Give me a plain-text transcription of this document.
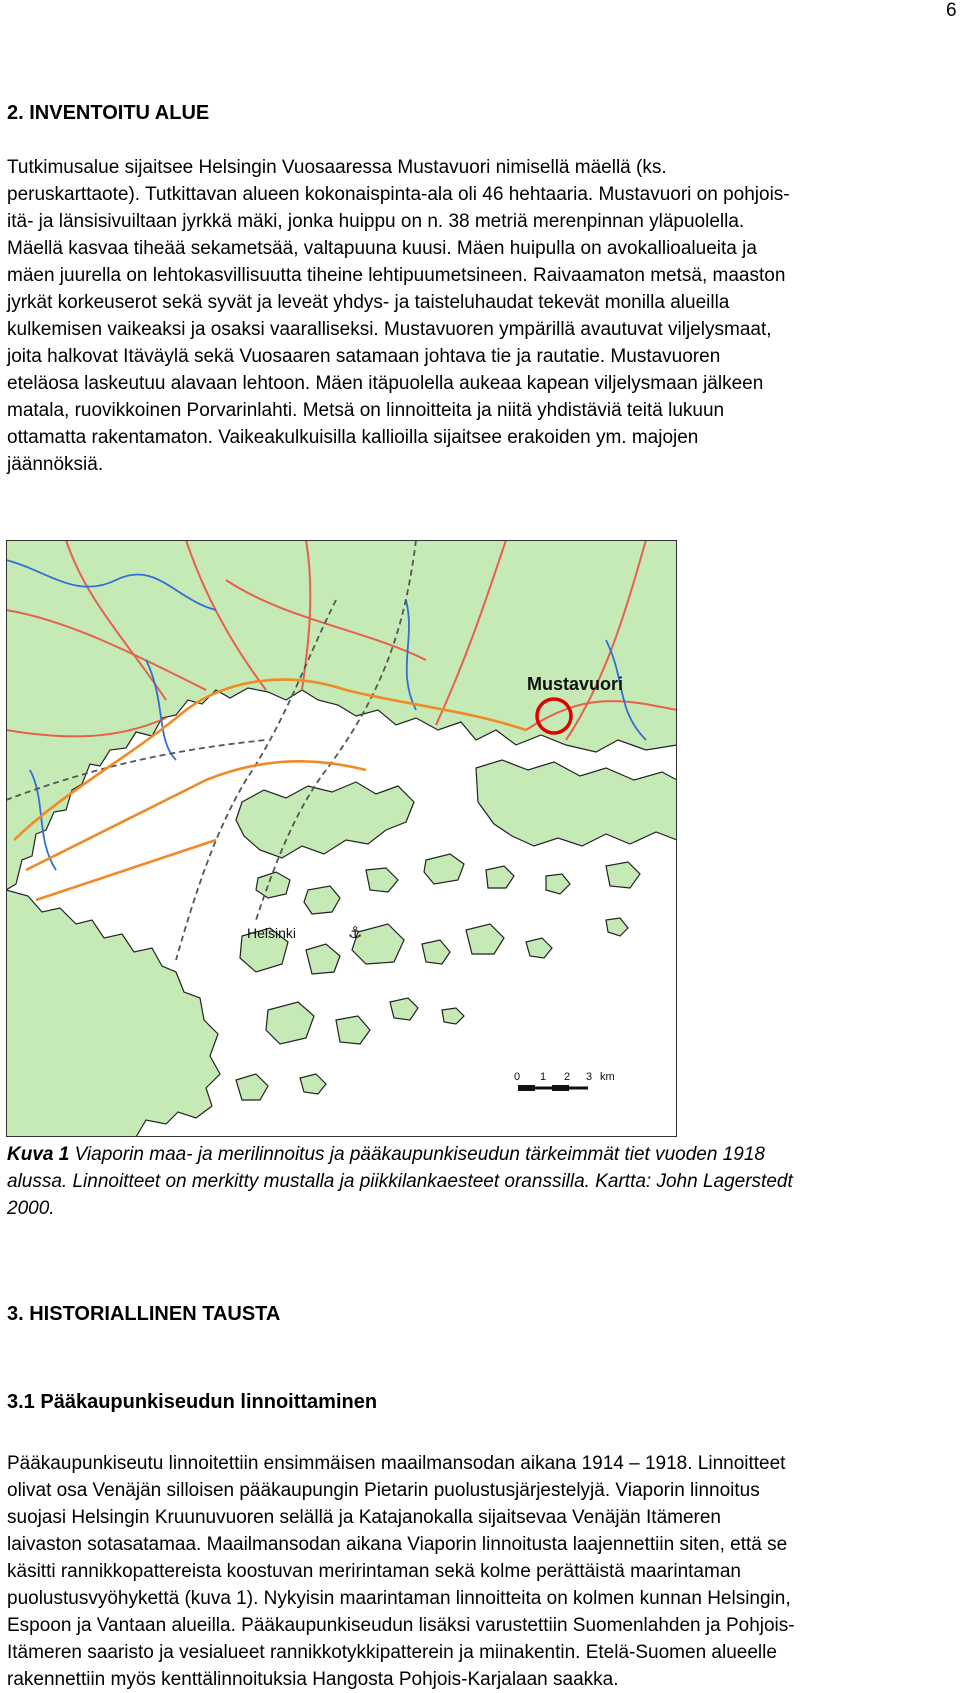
6
2. INVENTOITU ALUE
Tutkimusalue sijaitsee Helsingin Vuosaaressa Mustavuori nimisellä mäellä (ks.
peruskarttaote). Tutkittavan alueen kokonaispinta-ala oli 46 hehtaaria. Mustavuori on pohjois-
itä- ja länsisivuiltaan jyrkkä mäki, jonka huippu on n. 38 metriä merenpinnan yläpuolella.
Mäellä kasvaa tiheää sekametsää, valtapuuna kuusi. Mäen huipulla on avokallioalueita ja
mäen juurella on lehtokasvillisuutta tiheine lehtipuumetsineen. Raivaamaton metsä, maaston
jyrkät korkeuserot sekä syvät ja leveät yhdys- ja taisteluhaudat tekevät monilla alueilla
kulkemisen vaikeaksi ja osaksi vaaralliseksi. Mustavuoren ympärillä avautuvat viljelysmaat,
joita halkovat Itäväylä sekä Vuosaaren satamaan johtava tie ja rautatie. Mustavuoren
eteläosa laskeutuu alavaan lehtoon. Mäen itäpuolella aukeaa kapean viljelysmaan jälkeen
matala, ruovikkoinen Porvarinlahti. Metsä on linnoitteita ja niitä yhdistäviä teitä lukuun
ottamatta rakentamaton. Vaikeakulkuisilla kallioilla sijaitsee erakoiden ym. majojen
jäännöksiä.
Mustavuori
Helsinki	⚓
0 1 2 3 km
Kuva 1 Viaporin maa- ja merilinnoitus ja pääkaupunkiseudun tärkeimmät tiet vuoden 1918
alussa. Linnoitteet on merkitty mustalla ja piikkilankaesteet oranssilla. Kartta: John Lagerstedt
2000.
3. HISTORIALLINEN TAUSTA
3.1 Pääkaupunkiseudun linnoittaminen
Pääkaupunkiseutu linnoitettiin ensimmäisen maailmansodan aikana 1914 – 1918. Linnoitteet
olivat osa Venäjän silloisen pääkaupungin Pietarin puolustusjärjestelyjä. Viaporin linnoitus
suojasi Helsingin Kruunuvuoren selällä ja Katajanokalla sijaitsevaa Venäjän Itämeren
laivaston sotasatamaa. Maailmansodan aikana Viaporin linnoitusta laajennettiin siten, että se
käsitti rannikkopattereista koostuvan meririntaman sekä kolme perättäistä maarintaman
puolustusvyöhykettä (kuva 1). Nykyisin maarintaman linnoitteita on kolmen kunnan Helsingin,
Espoon ja Vantaan alueilla. Pääkaupunkiseudun lisäksi varustettiin Suomenlahden ja Pohjois-
Itämeren saaristo ja vesialueet rannikkotykkipatterein ja miinakentin. Etelä-Suomen alueelle
rakennettiin myös kenttälinnoituksia Hangosta Pohjois-Karjalaan saakka.
